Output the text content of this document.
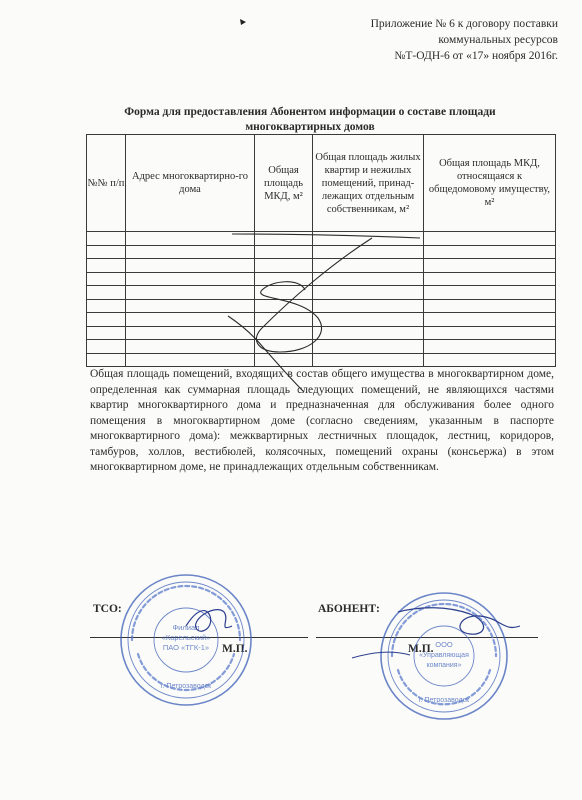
Приложение № 6 к договору поставки
коммунальных ресурсов
№Т-ОДН-6 от «17» ноября 2016г.
Форма для предоставления Абонентом информации о составе площади
многоквартирных домов
№№ п/п	Адрес многоквартирно-го дома	Общая площадь МКД, м²	Общая площадь жилых квартир и нежилых помещений, принад-лежащих отдельным собственникам, м²	Общая площадь МКД, относящаяся к общедомовому имуществу, м²

Общая площадь помещений, входящих в состав общего имущества в многоквартирном доме, определенная как суммарная площадь следующих помещений, не являющихся частями квартир многоквартирного дома и предназначенная для обслуживания более одного помещения в многоквартирном доме (согласно сведениям, указанным в паспорте многоквартирного дома): межквартирных лестничных площадок, лестниц, коридоров, тамбуров, холлов, вестибюлей, колясочных, помещений охраны (консьержа) в этом многоквартирном доме, не принадлежащих отдельным собственникам.
ТСО:
М.П.
АБОНЕНТ:
М.П.
Филиал
«Карельский»
ПАО «ТГК-1»
г. Петрозаводск
ООО
«Управляющая
компания»
г. Петрозаводск
